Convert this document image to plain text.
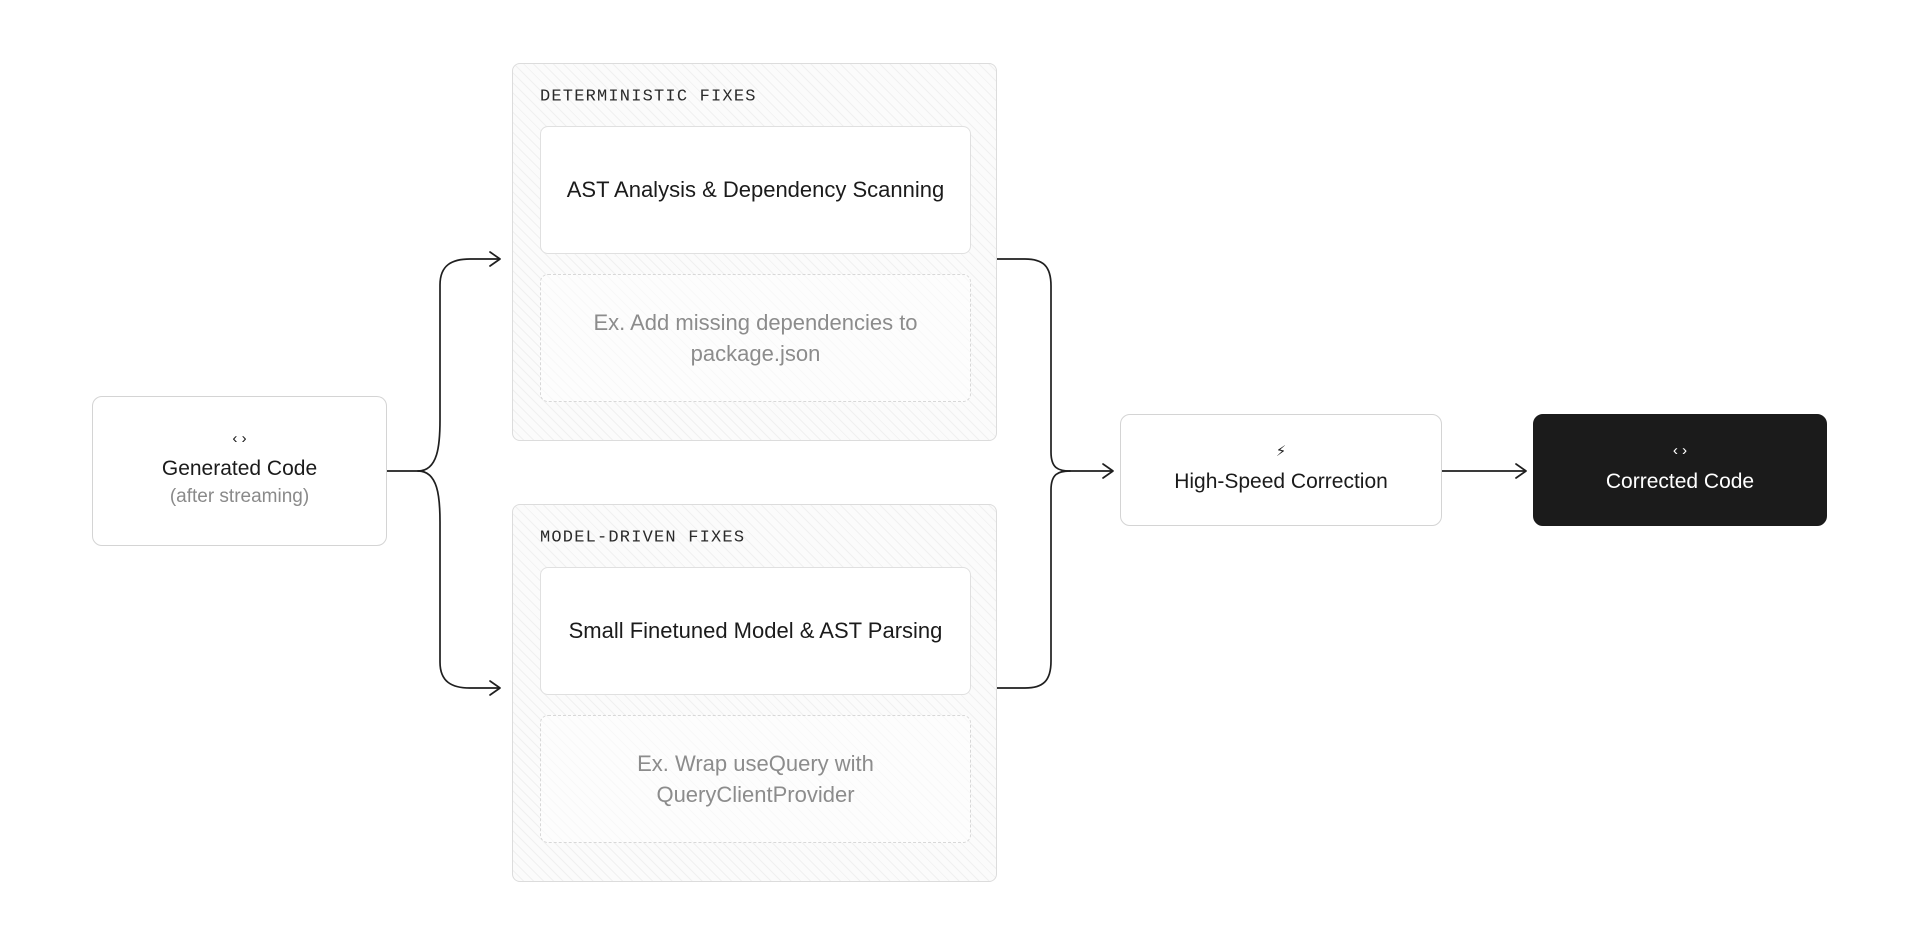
‹›
Generated Code
(after streaming)
DETERMINISTIC FIXES
AST Analysis & Dependency Scanning
Ex. Add missing dependencies to package.json
MODEL-DRIVEN FIXES
Small Finetuned Model & AST Parsing
Ex. Wrap useQuery with QueryClientProvider
⚡
High-Speed Correction
‹›
Corrected Code
